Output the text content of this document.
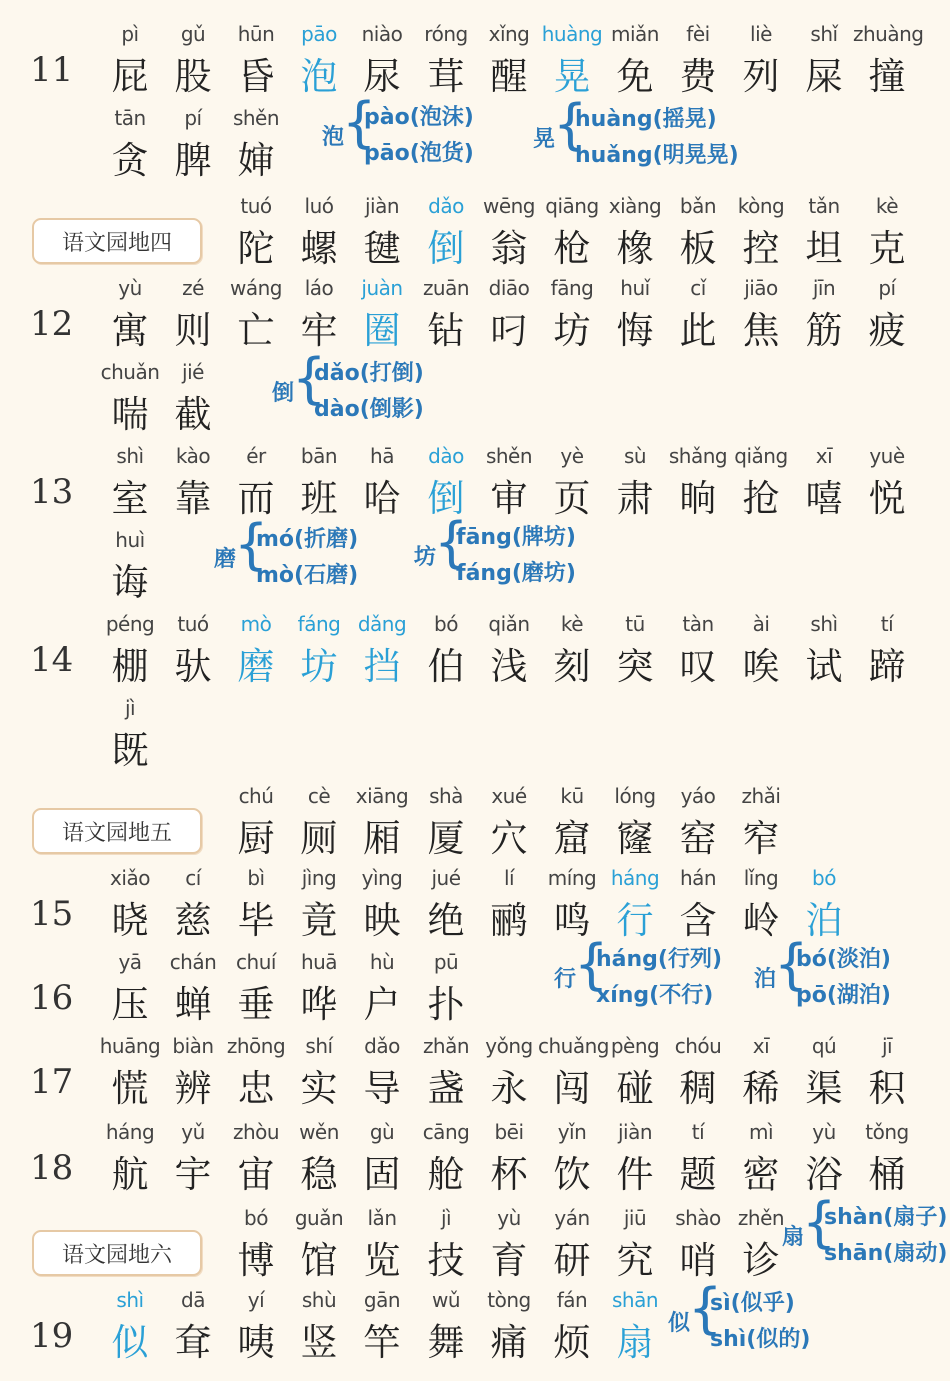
11
pì
屁
gǔ
股
hūn
昏
pāo
泡
niào
尿
róng
茸
xǐng
醒
huàng
晃
miǎn
免
fèi
费
liè
列
shǐ
屎
zhuàng
撞
tān
贪
pí
脾
shěn
婶
语文园地四
tuó
陀
luó
螺
jiàn
毽
dǎo
倒
wēng
翁
qiāng
枪
xiàng
橡
bǎn
板
kòng
控
tǎn
坦
kè
克
12
yù
寓
zé
则
wáng
亡
láo
牢
juàn
圈
zuān
钻
diāo
叼
fāng
坊
huǐ
悔
cǐ
此
jiāo
焦
jīn
筋
pí
疲
chuǎn
喘
jié
截
13
shì
室
kào
靠
ér
而
bān
班
hā
哈
dào
倒
shěn
审
yè
页
sù
肃
shǎng
晌
qiǎng
抢
xī
嘻
yuè
悦
huì
诲
14
péng
棚
tuó
驮
mò
磨
fáng
坊
dǎng
挡
bó
伯
qiǎn
浅
kè
刻
tū
突
tàn
叹
ài
唉
shì
试
tí
蹄
jì
既
语文园地五
chú
厨
cè
厕
xiāng
厢
shà
厦
xué
穴
kū
窟
lóng
窿
yáo
窑
zhǎi
窄
15
xiǎo
晓
cí
慈
bì
毕
jìng
竟
yìng
映
jué
绝
lí
鹂
míng
鸣
háng
行
hán
含
lǐng
岭
bó
泊
16
yā
压
chán
蝉
chuí
垂
huā
哗
hù
户
pū
扑
17
huāng
慌
biàn
辨
zhōng
忠
shí
实
dǎo
导
zhǎn
盏
yǒng
永
chuǎng
闯
pèng
碰
chóu
稠
xī
稀
qú
渠
jī
积
18
háng
航
yǔ
宇
zhòu
宙
wěn
稳
gù
固
cāng
舱
bēi
杯
yǐn
饮
jiàn
件
tí
题
mì
密
yù
浴
tǒng
桶
语文园地六
bó
博
guǎn
馆
lǎn
览
jì
技
yù
育
yán
研
jiū
究
shào
哨
zhěn
诊
19
shì
似
dā
耷
yí
咦
shù
竖
gān
竿
wǔ
舞
tòng
痛
fán
烦
shān
扇
泡
{
pào(泡沫)
pāo(泡货)
晃
{
huàng(摇晃)
huǎng(明晃晃)
倒
{
dǎo(打倒)
dào(倒影)
磨
{
mó(折磨)
mò(石磨)
坊
{
fāng(牌坊)
fáng(磨坊)
行
{
háng(行列)
xíng(不行)
泊
{
bó(淡泊)
pō(湖泊)
扇
{
shàn(扇子)
shān(扇动)
似
{
sì(似乎)
shì(似的)
